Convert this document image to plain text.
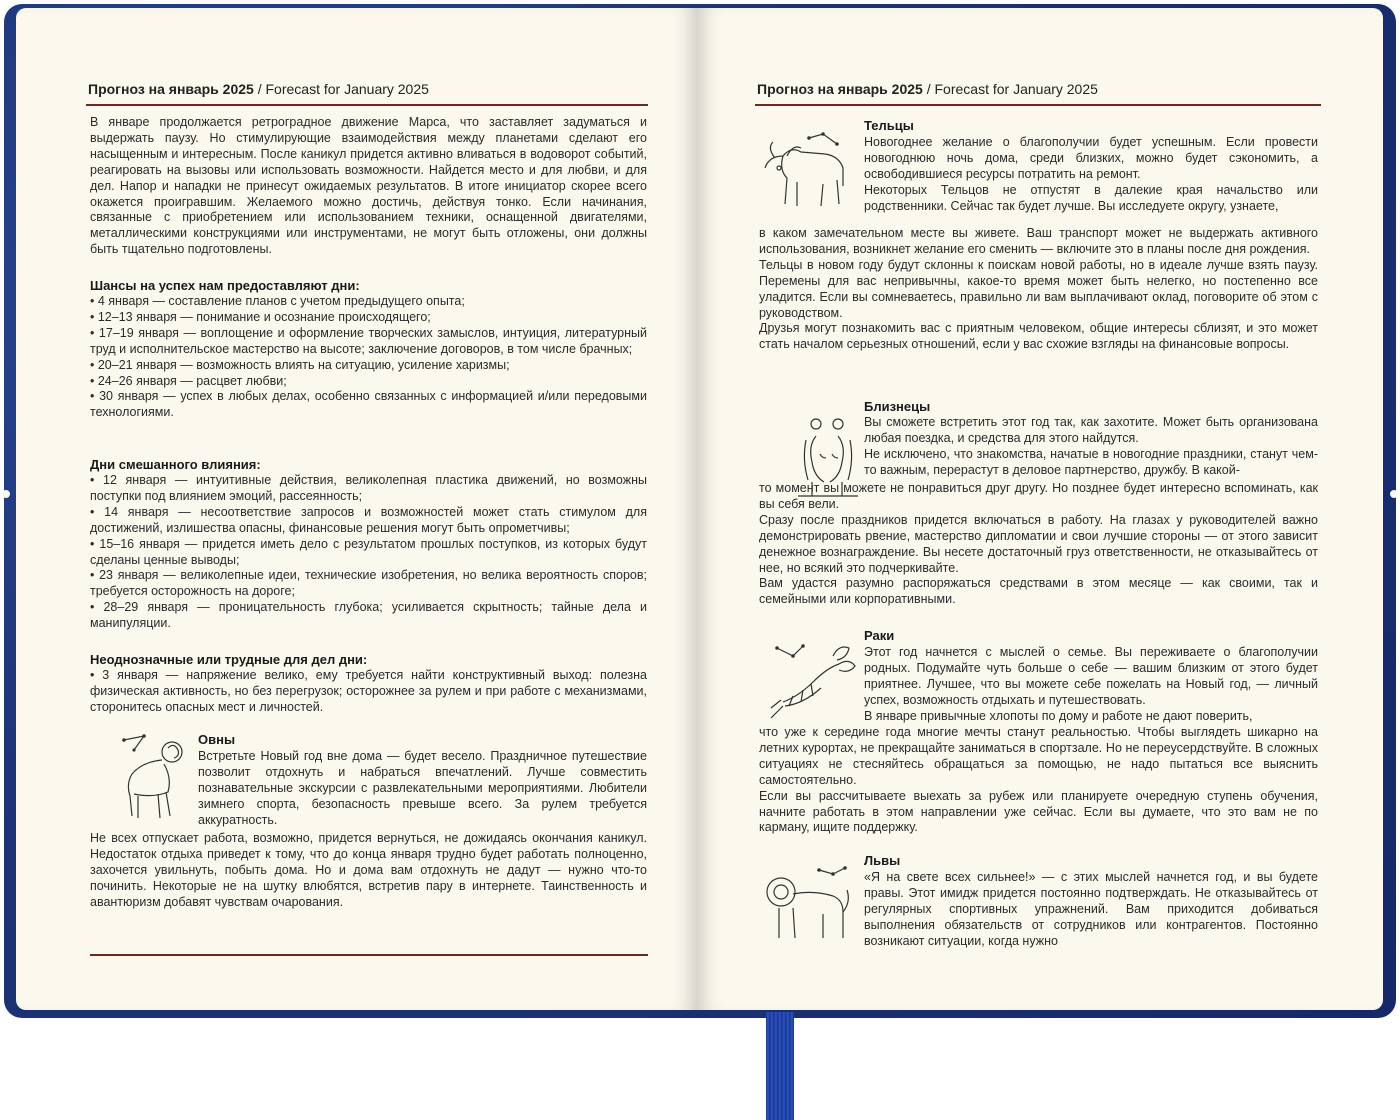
Прогноз на январь 2025 / Forecast for January 2025

В январе продолжается ретроградное движение Марса, что заставляет задуматься и выдержать паузу. Но стимулирующие взаимодействия между планетами сделают его насыщенным и интересным. После каникул придется активно вливаться в водоворот событий, реагировать на вызовы или использовать возможности. Найдется место и для любви, и для дел. Напор и нападки не принесут ожидаемых результатов. В итоге инициатор скорее всего окажется проигравшим. Желаемого можно достичь, действуя тонко. Если начинания, связанные с приобретением или использованием техники, оснащенной двигателями, металлическими конструкциями или инструментами, не могут быть отложены, они должны быть тщательно подготовлены.

Шансы на успех нам предоставляют дни:

• 4 января — составление планов с учетом предыдущего опыта;

• 12–13 января — понимание и осознание происходящего;

• 17–19 января — воплощение и оформление творческих замыслов, интуиция, литературный труд и исполнительское мастерство на высоте; заключение договоров, в том числе брачных;

• 20–21 января — возможность влиять на ситуацию, усиление харизмы;

• 24–26 января — расцвет любви;

• 30 января — успех в любых делах, особенно связанных с информацией и/или передовыми технологиями.

Дни смешанного влияния:

• 12 января — интуитивные действия, великолепная пластика движений, но возможны поступки под влиянием эмоций, рассеянность;

• 14 января — несоответствие запросов и возможностей может стать стимулом для достижений, излишества опасны, финансовые решения могут быть опрометчивы;

• 15–16 января — придется иметь дело с результатом прошлых поступков, из которых будут сделаны ценные выводы;

• 23 января — великолепные идеи, технические изобретения, но велика вероятность споров; требуется осторожность на дороге;

• 28–29 января — проницательность глубока; усиливается скрытность; тайные дела и манипуляции.

Неоднозначные или трудные для дел дни:

• 3 января — напряжение велико, ему требуется найти конструктивный выход: полезна физическая активность, но без перегрузок; осторожнее за рулем и при работе с механизмами, сторонитесь опасных мест и личностей.

Овны

Встретьте Новый год вне дома — будет весело. Праздничное путешествие позволит отдохнуть и набраться впечатлений. Лучше совместить познавательные экскурсии с развлекательными мероприятиями. Любители зимнего спорта, безопасность превыше всего. За рулем требуется аккуратность.

Не всех отпускает работа, возможно, придется вернуться, не дожидаясь окончания каникул. Недостаток отдыха приведет к тому, что до конца января трудно будет работать полноценно, захочется увильнуть, побыть дома. Но и дома вам отдохнуть не дадут — нужно что-то починить. Некоторые не на шутку влюбятся, встретив пару в интернете. Таинственность и авантюризм добавят чувствам очарования.

Прогноз на январь 2025 / Forecast for January 2025
Тельцы

Новогоднее желание о благополучии будет успешным. Если провести новогоднюю ночь дома, среди близких, можно будет сэкономить, а освободившиеся ресурсы потратить на ремонт.

Некоторых Тельцов не отпустят в далекие края начальство или родственники. Сейчас так будет лучше. Вы исследуете округу, узнаете,

в каком замечательном месте вы живете. Ваш транспорт может не выдержать активного использования, возникнет желание его сменить — включите это в планы после дня рождения.

Тельцы в новом году будут склонны к поискам новой работы, но в идеале лучше взять паузу. Перемены для вас непривычны, какое-то время может быть нелегко, но постепенно все уладится. Если вы сомневаетесь, правильно ли вам выплачивают оклад, поговорите об этом с руководством.

Друзья могут познакомить вас с приятным человеком, общие интересы сблизят, и это может стать началом серьезных отношений, если у вас схожие взгляды на финансовые вопросы.

Близнецы

Вы сможете встретить этот год так, как захотите. Может быть организована любая поездка, и средства для этого найдутся.

Не исключено, что знакомства, начатые в новогодние праздники, станут чем-то важным, перерастут в деловое партнерство, дружбу. В какой-

то момент вы можете не понравиться друг другу. Но позднее будет интересно вспоминать, как вы себя вели.

Сразу после праздников придется включаться в работу. На глазах у руководителей важно демонстрировать рвение, мастерство дипломатии и свои лучшие стороны — от этого зависит денежное вознаграждение. Вы несете достаточный груз ответственности, не отказывайтесь от нее, но всякий это подчеркивайте.

Вам удастся разумно распоряжаться средствами в этом месяце — как своими, так и семейными или корпоративными.

Раки

Этот год начнется с мыслей о семье. Вы переживаете о благополучии родных. Подумайте чуть больше о себе — вашим близким от этого будет приятнее. Лучшее, что вы можете себе пожелать на Новый год, — личный успех, возможность отдыхать и путешествовать.

В январе привычные хлопоты по дому и работе не дают поверить,

что уже к середине года многие мечты станут реальностью. Чтобы выглядеть шикарно на летних курортах, не прекращайте заниматься в спортзале. Но не переусердствуйте. В сложных ситуациях не стесняйтесь обращаться за помощью, не надо пытаться все выяснить самостоятельно.

Если вы рассчитываете выехать за рубеж или планируете очередную ступень обучения, начните работать в этом направлении уже сейчас. Если вы думаете, что это вам не по карману, ищите поддержку.

Львы

«Я на свете всех сильнее!» — с этих мыслей начнется год, и вы будете правы. Этот имидж придется постоянно подтверждать. Не отказывайтесь от регулярных спортивных упражнений. Вам приходится добиваться выполнения обязательств от сотрудников или контрагентов. Постоянно возникают ситуации, когда нужно
